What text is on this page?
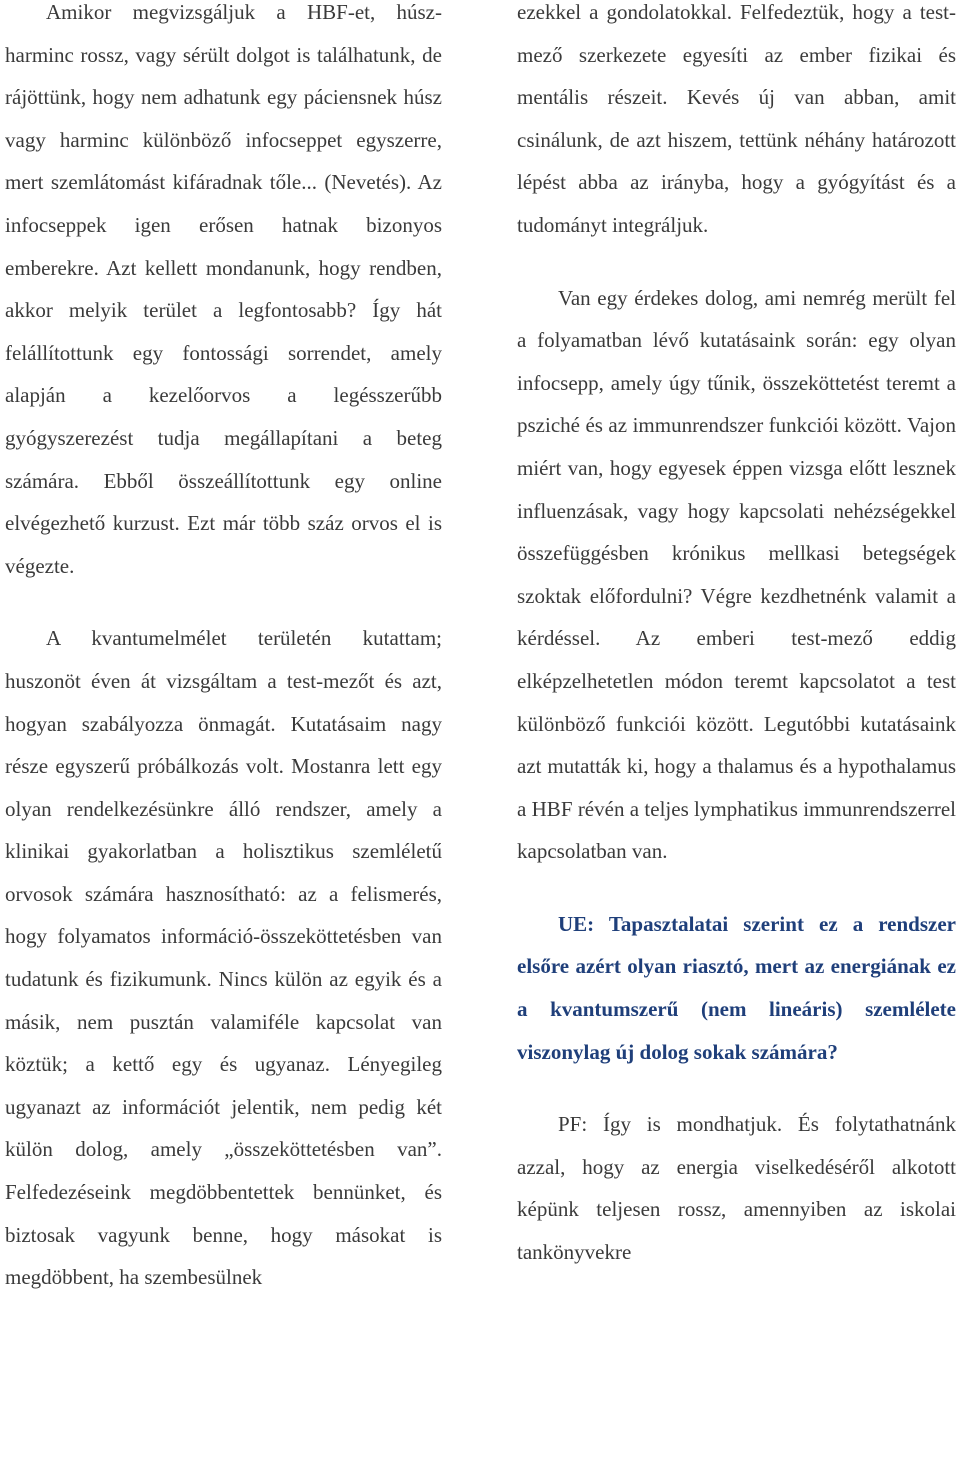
Amikor megvizsgáljuk a HBF-et, húsz-harminc rossz, vagy sérült dolgot is találhatunk, de rájöttünk, hogy nem adhatunk egy páciensnek húsz vagy harminc különböző infocseppet egyszerre, mert szemlátomást kifáradnak tőle... (Nevetés). Az infocseppek igen erősen hatnak bizonyos emberekre. Azt kellett mondanunk, hogy rendben, akkor melyik terület a legfontosabb? Így hát felállítottunk egy fontossági sorrendet, amely alapján a kezelőorvos a legésszerűbb gyógyszerezést tudja megállapítani a beteg számára. Ebből összeállítottunk egy online elvégezhető kurzust. Ezt már több száz orvos el is végezte.

A kvantumelmélet területén kutattam; huszonöt éven át vizsgáltam a test-mezőt és azt, hogyan szabályozza önmagát. Kutatásaim nagy része egyszerű próbálkozás volt. Mostanra lett egy olyan rendelkezésünkre álló rendszer, amely a klinikai gyakorlatban a holisztikus szemléletű orvosok számára hasznosítható: az a felismerés, hogy folyamatos információ-összeköttetésben van tudatunk és fizikumunk. Nincs külön az egyik és a másik, nem pusztán valamiféle kapcsolat van köztük; a kettő egy és ugyanaz. Lényegileg ugyanazt az információt jelentik, nem pedig két külön dolog, amely „összeköttetésben van”. Felfedezéseink megdöbbentettek bennünket, és biztosak vagyunk benne, hogy másokat is megdöbbent, ha szembesülnek

ezekkel a gondolatokkal. Felfedeztük, hogy a test-mező szerkezete egyesíti az ember fizikai és mentális részeit. Kevés új van abban, amit csinálunk, de azt hiszem, tettünk néhány határozott lépést abba az irányba, hogy a gyógyítást és a tudományt integráljuk.

Van egy érdekes dolog, ami nemrég merült fel a folyamatban lévő kutatásaink során: egy olyan infocsepp, amely úgy tűnik, összeköttetést teremt a psziché és az immunrendszer funkciói között. Vajon miért van, hogy egyesek éppen vizsga előtt lesznek influenzásak, vagy hogy kapcsolati nehézségekkel összefüggésben krónikus mellkasi betegségek szoktak előfordulni? Végre kezdhetnénk valamit a kérdéssel. Az emberi test-mező eddig elképzelhetetlen módon teremt kapcsolatot a test különböző funkciói között. Legutóbbi kutatásaink azt mutatták ki, hogy a thalamus és a hypothalamus a HBF révén a teljes lymphatikus immunrendszerrel kapcsolatban van.

UE: Tapasztalatai szerint ez a rendszer elsőre azért olyan riasztó, mert az energiának ez a kvantumszerű (nem lineáris) szemlélete viszonylag új dolog sokak számára?

PF: Így is mondhatjuk. És folytathatnánk azzal, hogy az energia viselkedéséről alkotott képünk teljesen rossz, amennyiben az iskolai tankönyvekre
